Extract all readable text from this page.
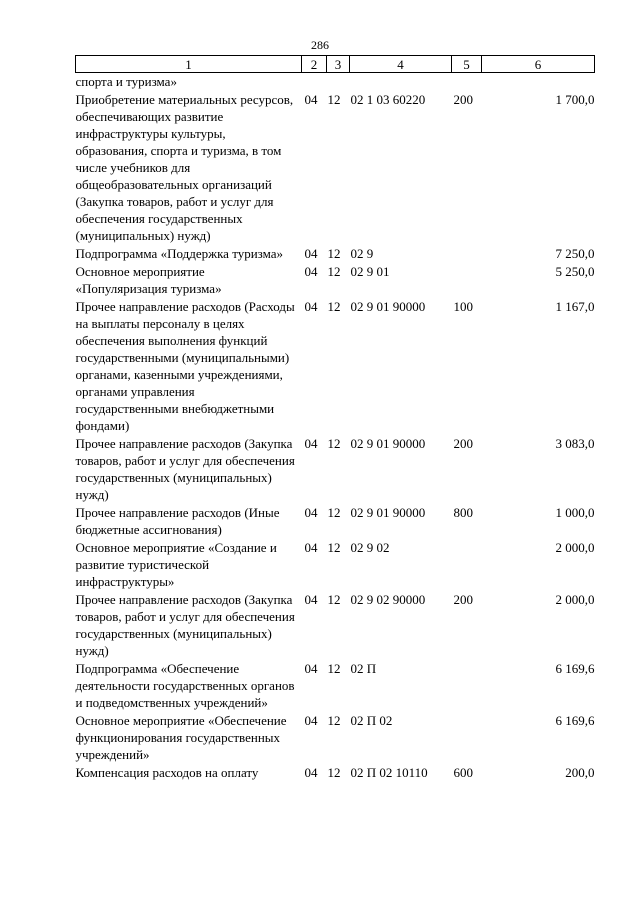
286
1	2	3	4	5	6
спорта и туризма»					
Приобретение материальных ресурсов, обеспечивающих развитие инфраструктуры культуры, образования, спорта и туризма, в том числе учебников для общеобразовательных организаций (Закупка товаров, работ и услуг для обеспечения государственных (муниципальных) нужд)	04	12	02 1 03 60220	200	1 700,0
Подпрограмма «Поддержка туризма»	04	12	02 9		7 250,0
Основное мероприятие «Популяризация туризма»	04	12	02 9 01		5 250,0
Прочее направление расходов (Расходы на выплаты персоналу в целях обеспечения выполнения функций государственными (муниципальными) органами, казенными учреждениями, органами управления государственными внебюджетными фондами)	04	12	02 9 01 90000	100	1 167,0
Прочее направление расходов (Закупка товаров, работ и услуг для обеспечения государственных (муниципальных) нужд)	04	12	02 9 01 90000	200	3 083,0
Прочее направление расходов (Иные бюджетные ассигнования)	04	12	02 9 01 90000	800	1 000,0
Основное мероприятие «Создание и развитие туристической инфраструктуры»	04	12	02 9 02		2 000,0
Прочее направление расходов (Закупка товаров, работ и услуг для обеспечения государственных (муниципальных) нужд)	04	12	02 9 02 90000	200	2 000,0
Подпрограмма «Обеспечение деятельности государственных органов и подведомственных учреждений»	04	12	02 П		6 169,6
Основное мероприятие «Обеспечение функционирования государственных учреждений»	04	12	02 П 02		6 169,6
Компенсация расходов на оплату	04	12	02 П 02 10110	600	200,0
